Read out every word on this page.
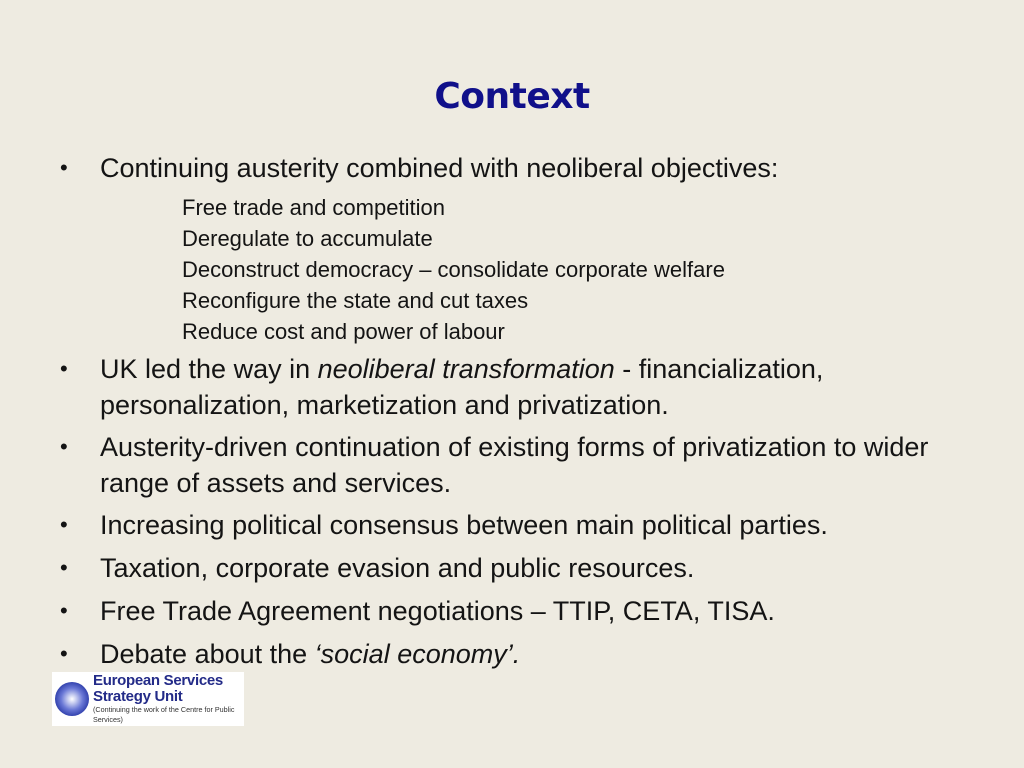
Context
• Continuing austerity combined with neoliberal objectives:
Free trade and competition
Deregulate to accumulate
Deconstruct democracy – consolidate corporate welfare
Reconfigure the state and cut taxes
Reduce cost and power of labour
• UK led the way in neoliberal transformation - financialization, personalization, marketization and privatization.
• Austerity-driven continuation of existing forms of privatization to wider range of assets and services.
• Increasing political consensus between main political parties.
• Taxation, corporate evasion and public resources.
• Free Trade Agreement negotiations – TTIP, CETA, TISA.
• Debate about the ‘social economy’.
European Services
Strategy Unit
(Continuing the work of the Centre for Public Services)
